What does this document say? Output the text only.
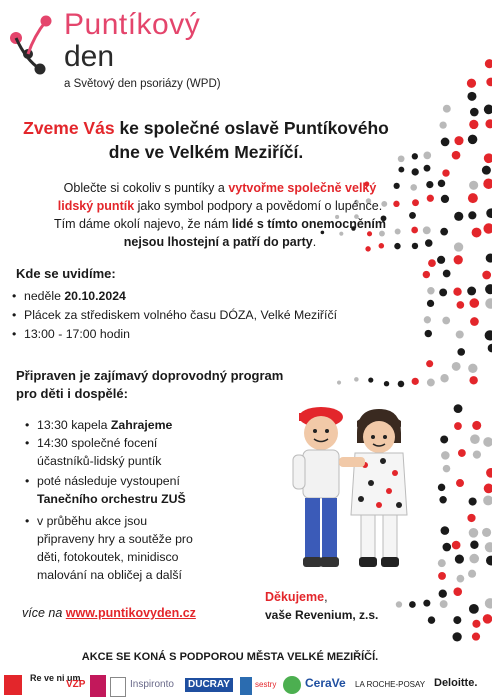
Puntíkový
den
a Světový den psoriázy (WPD)
Zveme Vás ke společné oslavě Puntíkového
dne ve Velkém Meziříčí.
Oblečte si cokoliv s puntíky a vytvořme společně velký
lidský puntík jako symbol podpory a povědomí o lupénce.
Tím dáme okolí najevo, že nám lidé s tímto onemocněním
nejsou lhostejní a patří do party.
Kde se uvidíme:
• neděle 20.10.2024
• Plácek za střediskem volného času DÓZA, Velké Meziříčí
• 13:00 - 17:00 hodin
Připraven je zajímavý doprovodný program
pro děti i dospělé:
• 13:30 kapela Zahrajeme
• 14:30 společné focení
účastníků-lidský puntík
• poté následuje vystoupení
Tanečního orchestru ZUŠ
• v průběhu akce jsou
připraveny hry a soutěže pro
děti, fotokoutek, minidisco
malování na obličej a další
Děkujeme,
vaše Revenium, z.s.
více na www.puntikovyden.cz
AKCE SE KONÁ S PODPOROU MĚSTA VELKÉ MEZIŘÍČÍ.
Re ve ni um
VZP	Inspironto	DUCRAY	sestry CeraVe LA ROCHE-POSAY Deloitte.
